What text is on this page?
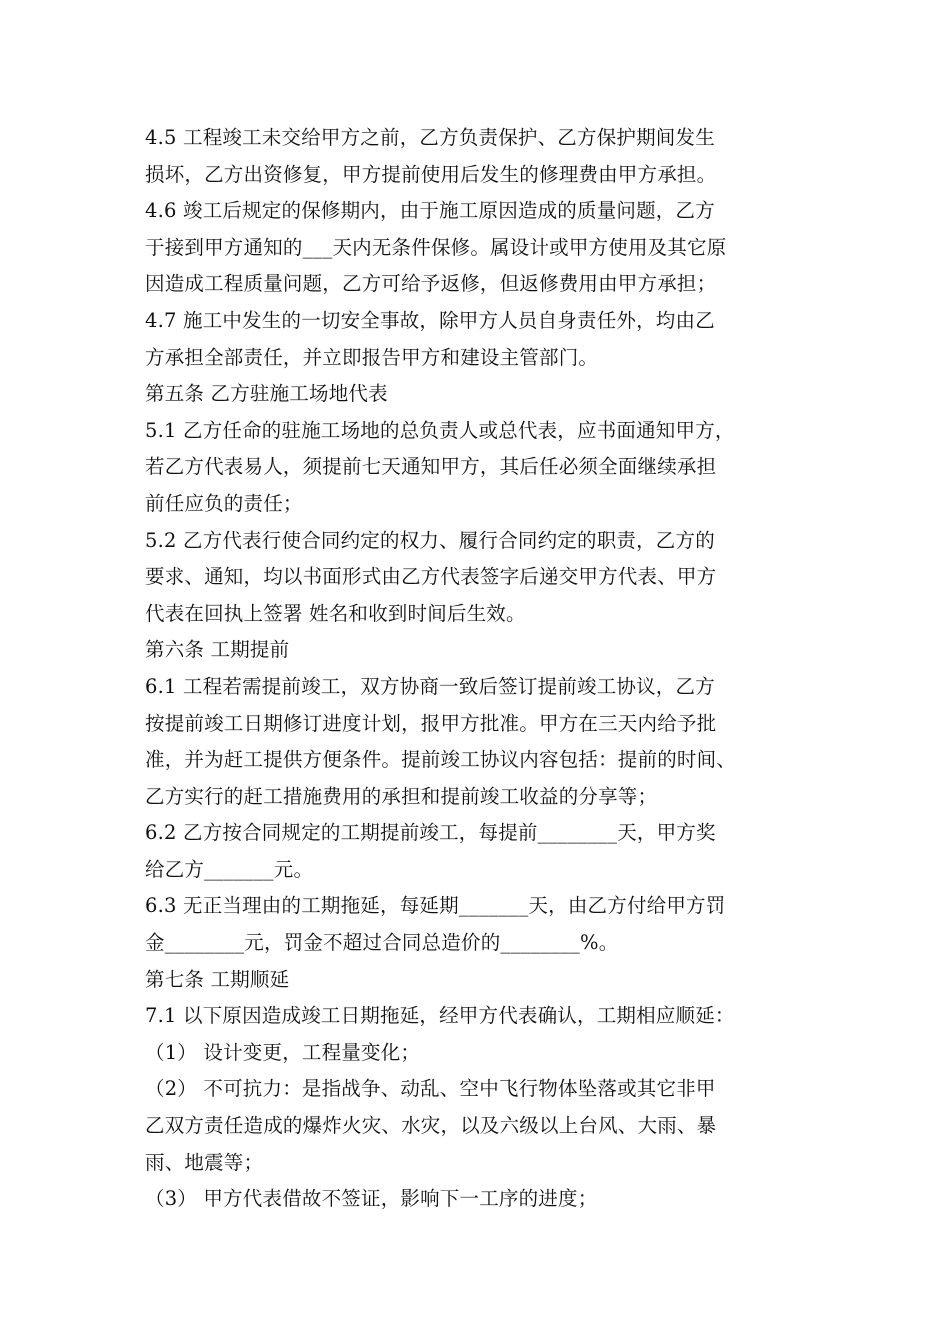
4.5 工程竣工未交给甲方之前，乙方负责保护、乙方保护期间发生
损坏，乙方出资修复，甲方提前使用后发生的修理费由甲方承担。
4.6 竣工后规定的保修期内，由于施工原因造成的质量问题，乙方
于接到甲方通知的___天内无条件保修。属设计或甲方使用及其它原
因造成工程质量问题，乙方可给予返修，但返修费用由甲方承担；
4.7 施工中发生的一切安全事故，除甲方人员自身责任外，均由乙
方承担全部责任，并立即报告甲方和建设主管部门。
第五条 乙方驻施工场地代表
5.1 乙方任命的驻施工场地的总负责人或总代表，应书面通知甲方，
若乙方代表易人，须提前七天通知甲方，其后任必须全面继续承担
前任应负的责任；
5.2 乙方代表行使合同约定的权力、履行合同约定的职责，乙方的
要求、通知，均以书面形式由乙方代表签字后递交甲方代表、甲方
代表在回执上签署 姓名和收到时间后生效。
第六条 工期提前
6.1 工程若需提前竣工，双方协商一致后签订提前竣工协议，乙方
按提前竣工日期修订进度计划，报甲方批准。甲方在三天内给予批
准，并为赶工提供方便条件。提前竣工协议内容包括：提前的时间、
乙方实行的赶工措施费用的承担和提前竣工收益的分享等；
6.2 乙方按合同规定的工期提前竣工，每提前________天，甲方奖
给乙方_______元。
6.3 无正当理由的工期拖延，每延期_______天，由乙方付给甲方罚
金________元，罚金不超过合同总造价的________%。
第七条 工期顺延
7.1 以下原因造成竣工日期拖延，经甲方代表确认，工期相应顺延：
（1） 设计变更，工程量变化；
（2） 不可抗力：是指战争、动乱、空中飞行物体坠落或其它非甲
乙双方责任造成的爆炸火灾、水灾，以及六级以上台风、大雨、暴
雨、地震等；
（3） 甲方代表借故不签证，影响下一工序的进度；
